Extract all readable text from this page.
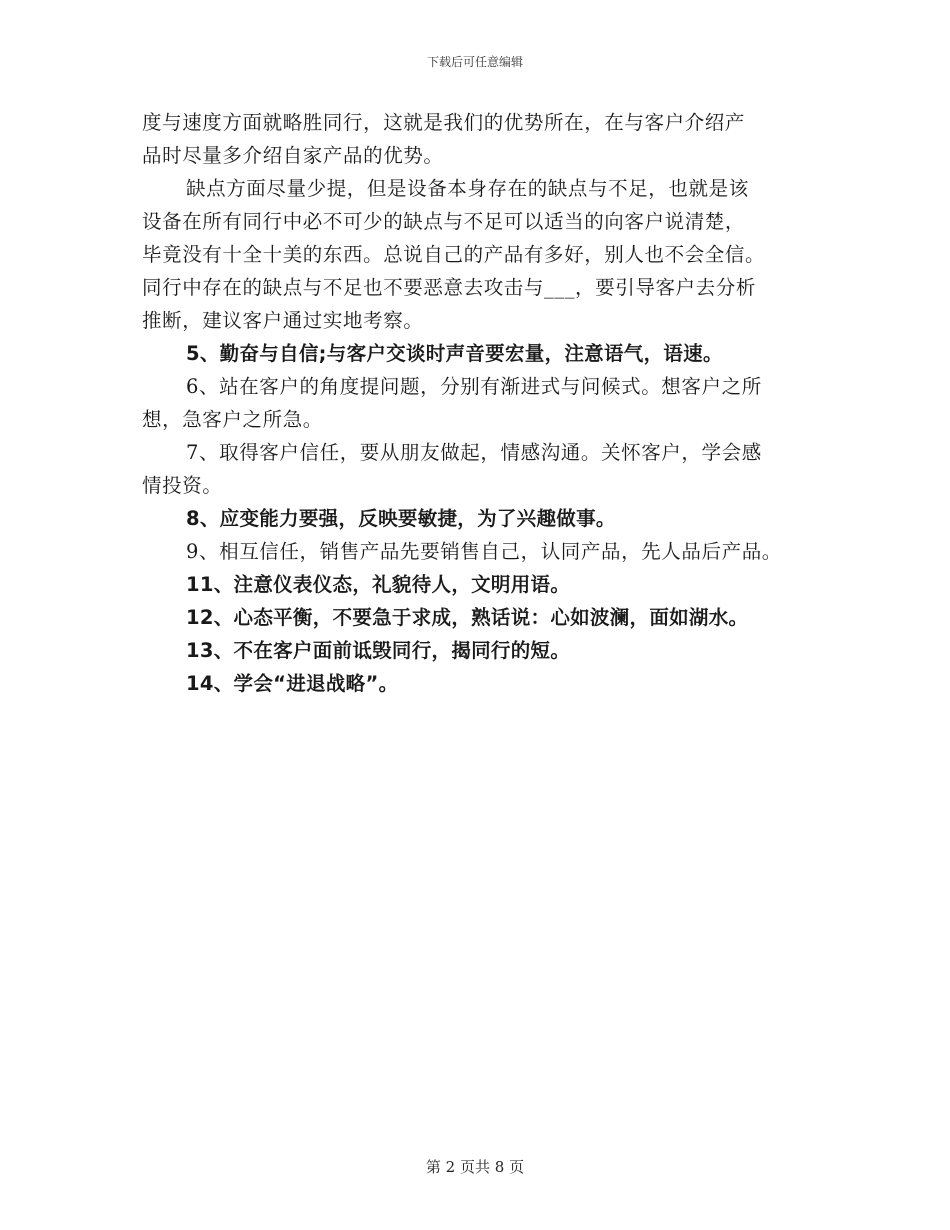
下载后可任意编辑
度与速度方面就略胜同行，这就是我们的优势所在，在与客户介绍产
品时尽量多介绍自家产品的优势。
缺点方面尽量少提，但是设备本身存在的缺点与不足，也就是该
设备在所有同行中必不可少的缺点与不足可以适当的向客户说清楚，
毕竟没有十全十美的东西。总说自己的产品有多好，别人也不会全信。
同行中存在的缺点与不足也不要恶意去攻击与___，要引导客户去分析
推断，建议客户通过实地考察。
5、勤奋与自信;与客户交谈时声音要宏量，注意语气，语速。
6、站在客户的角度提问题，分别有渐进式与问候式。想客户之所
想，急客户之所急。
7、取得客户信任，要从朋友做起，情感沟通。关怀客户，学会感
情投资。
8、应变能力要强，反映要敏捷，为了兴趣做事。
9、相互信任，销售产品先要销售自己，认同产品，先人品后产品。
11、注意仪表仪态，礼貌待人，文明用语。
12、心态平衡，不要急于求成，熟话说：心如波澜，面如湖水。
13、不在客户面前诋毁同行，揭同行的短。
14、学会“进退战略”。
第 2 页共 8 页
